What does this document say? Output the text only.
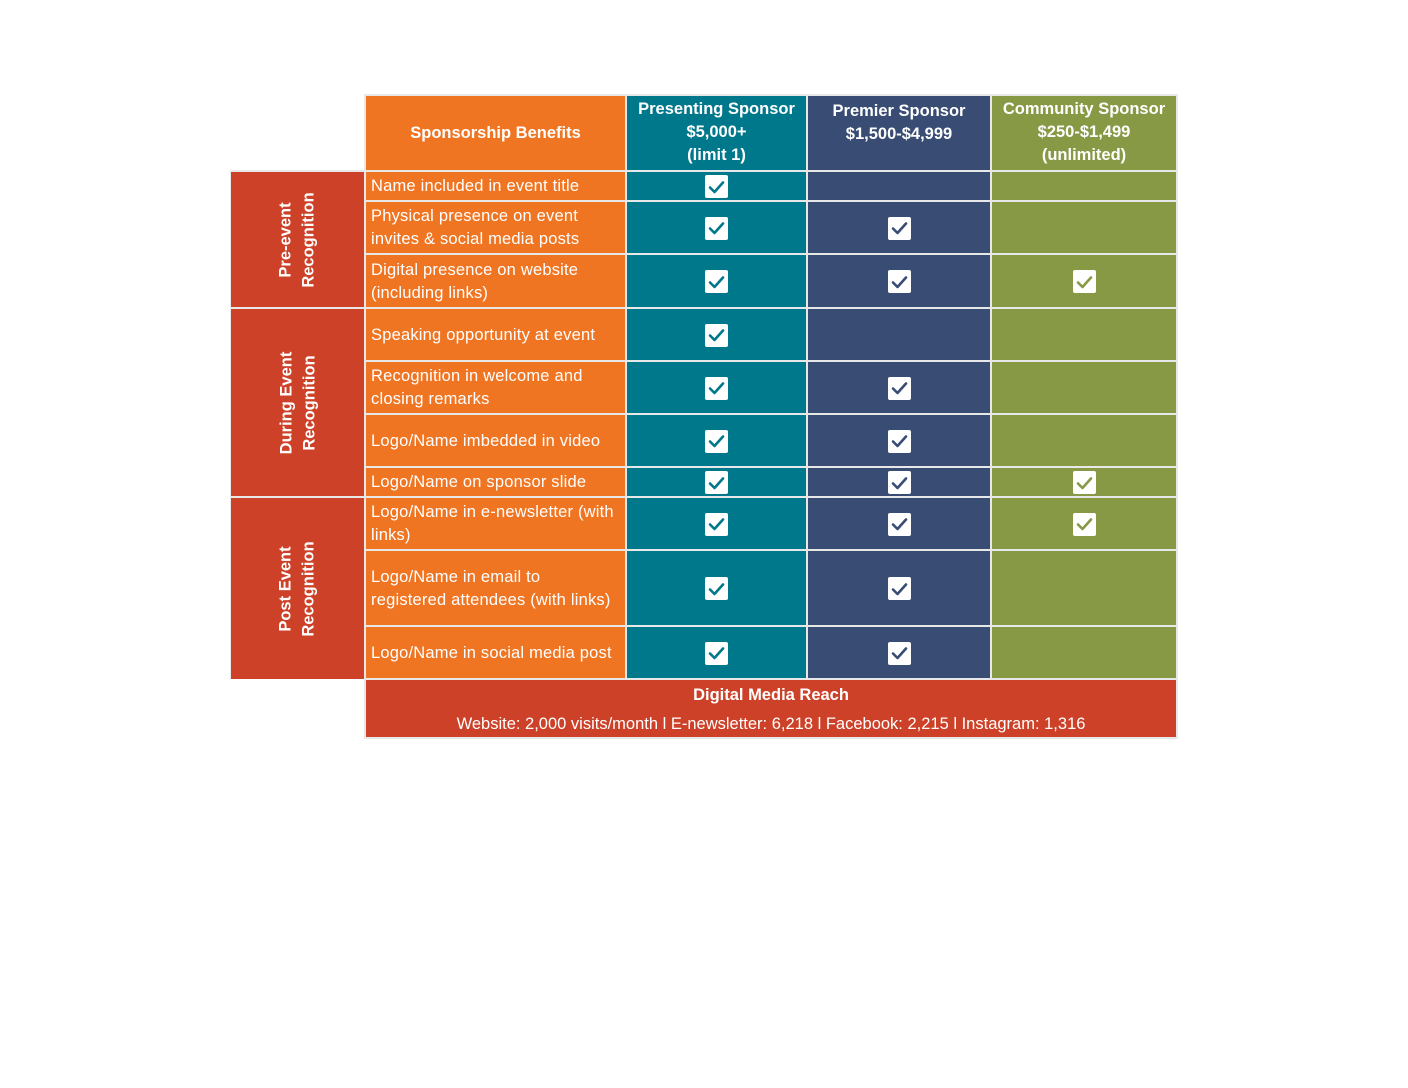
Sponsorship Benefits
Presenting Sponsor
$5,000+
(limit 1)
Premier Sponsor
$1,500-$4,999
Community Sponsor
$250-$1,499
(unlimited)
Pre-event Recognition
During Event Recognition
Post Event Recognition
Name included in event title
Physical presence on event invites & social media posts
Digital presence on website (including links)
Speaking opportunity at event
Recognition in welcome and closing remarks
Logo/Name imbedded in video
Logo/Name on sponsor slide
Logo/Name in e-newsletter (with links)
Logo/Name in email to registered attendees (with links)
Logo/Name in social media post
Digital Media Reach
Website: 2,000 visits/month l E-newsletter: 6,218 l Facebook: 2,215 l Instagram: 1,316
